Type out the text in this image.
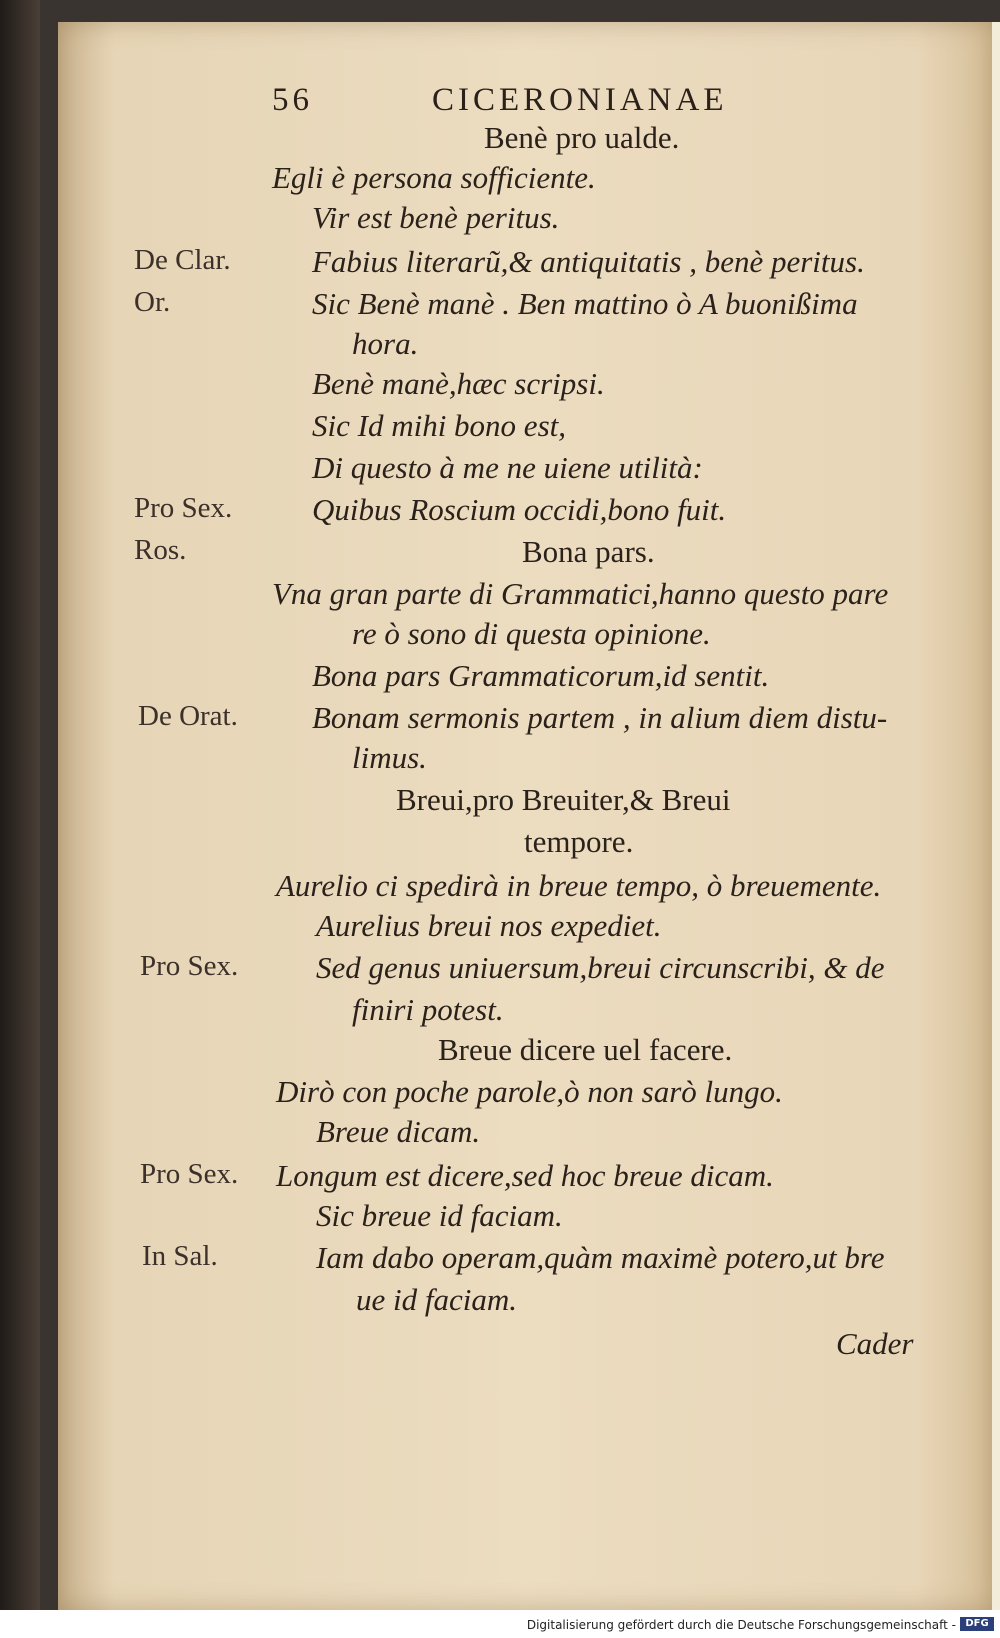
56	CICERONIANAE
Benè pro ualde.
Egli è persona sofficiente.
Vir est benè peritus.
Fabius literarũ,& antiquitatis , benè peritus.
Sic Benè manè . Ben mattino ò A buonißima
hora.
Benè manè,hæc scripsi.
Sic Id mihi bono est,
Di questo à me ne uiene utilità:
Quibus Roscium occidi,bono fuit.
Bona pars.
Vna gran parte di Grammatici,hanno questo pare
re ò sono di questa opinione.
Bona pars Grammaticorum,id sentit.
Bonam sermonis partem , in alium diem distu-
limus.
Breui,pro Breuiter,& Breui
tempore.
Aurelio ci spedirà in breue tempo, ò breuemente.
Aurelius breui nos expediet.
Sed genus uniuersum,breui circunscribi, & de
finiri potest.
Breue dicere uel facere.
Dirò con poche parole,ò non sarò lungo.
Breue dicam.
Longum est dicere,sed hoc breue dicam.
Sic breue id faciam.
Iam dabo operam,quàm maximè potero,ut bre
ue id faciam.
Cader
De Clar.
Or.
Pro Sex.
Ros.
De Orat.
Pro Sex.
Pro Sex.
In Sal.
Digitalisierung gefördert durch die Deutsche Forschungsgemeinschaft - DFG
